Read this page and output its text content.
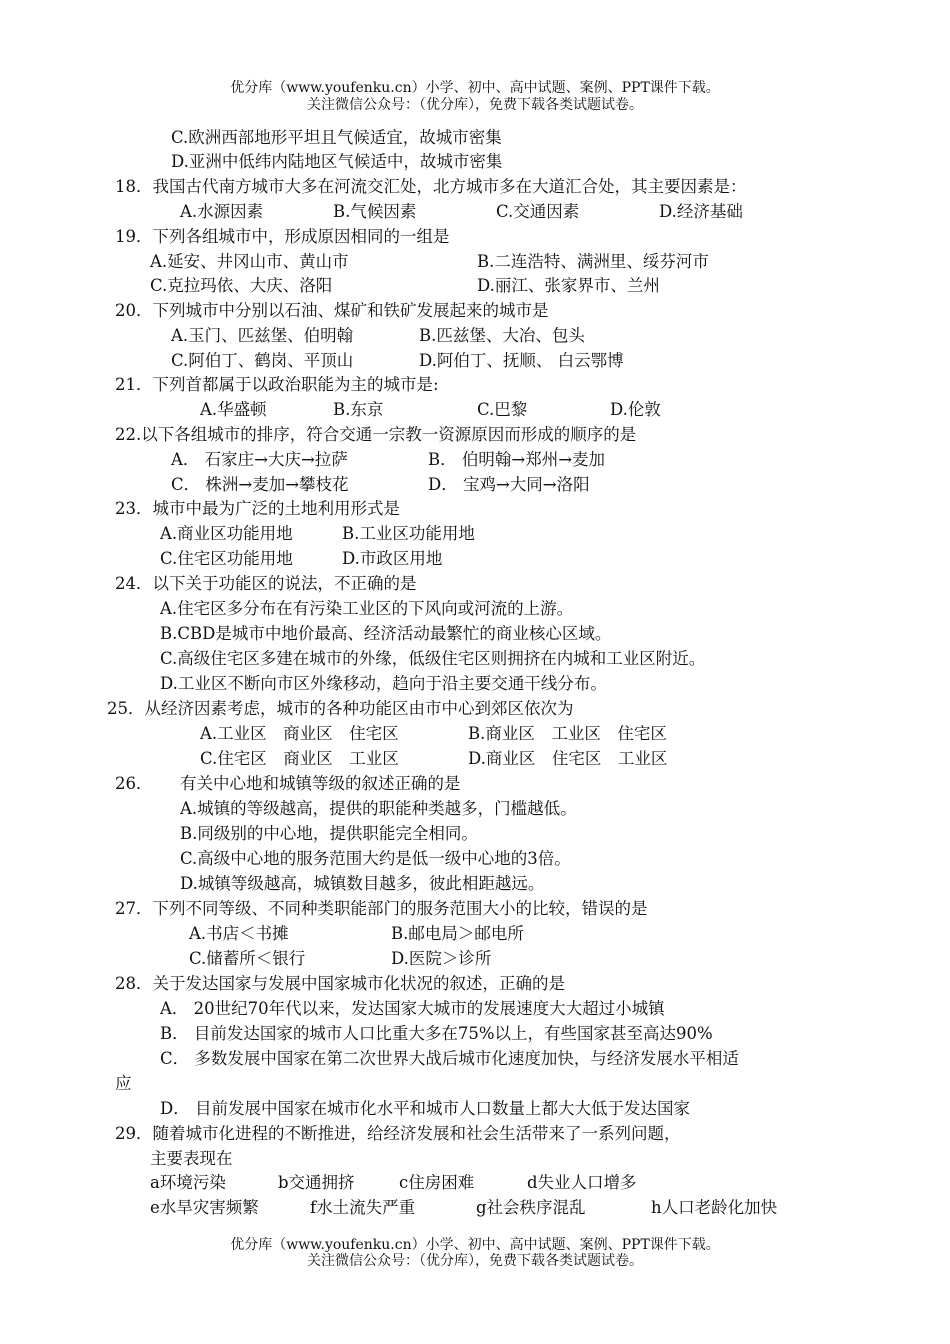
优分库（www.youfenku.cn）小学、初中、高中试题、案例、PPT课件下载。
关注微信公众号：（优分库），免费下载各类试题试卷。
C.欧洲西部地形平坦且气候适宜，故城市密集
D.亚洲中低纬内陆地区气候适中，故城市密集
18．我国古代南方城市大多在河流交汇处，北方城市多在大道汇合处，其主要因素是：
A.水源因素	B.气候因素	C.交通因素	D.经济基础
19．下列各组城市中，形成原因相同的一组是
A.延安、井冈山市、黄山市	B.二连浩特、满洲里、绥芬河市
C.克拉玛依、大庆、洛阳	D.丽江、张家界市、兰州
20．下列城市中分别以石油、煤矿和铁矿发展起来的城市是
A.玉门、匹兹堡、伯明翰	B.匹兹堡、大冶、包头
C.阿伯丁、鹤岗、平顶山	D.阿伯丁、抚顺、 白云鄂博
21．下列首都属于以政治职能为主的城市是:
A.华盛顿	B.东京	C.巴黎	D.伦敦
22.以下各组城市的排序，符合交通一宗教一资源原因而形成的顺序的是
A． 石家庄→大庆→拉萨	B． 伯明翰→郑州→麦加
C． 株洲→麦加→攀枝花	D． 宝鸡→大同→洛阳
23．城市中最为广泛的土地利用形式是
A.商业区功能用地	B.工业区功能用地
C.住宅区功能用地	D.市政区用地
24．以下关于功能区的说法，不正确的是
A.住宅区多分布在有污染工业区的下风向或河流的上游。
B.CBD是城市中地价最高、经济活动最繁忙的商业核心区域。
C.高级住宅区多建在城市的外缘，低级住宅区则拥挤在内城和工业区附近。
D.工业区不断向市区外缘移动，趋向于沿主要交通干线分布。
25．从经济因素考虑，城市的各种功能区由市中心到郊区依次为
A.工业区　商业区　住宅区	B.商业区　工业区　住宅区
C.住宅区　商业区　工业区	D.商业区　住宅区　工业区
26． 有关中心地和城镇等级的叙述正确的是
A.城镇的等级越高，提供的职能种类越多，门槛越低。
B.同级别的中心地，提供职能完全相同。
C.高级中心地的服务范围大约是低一级中心地的3倍。
D.城镇等级越高，城镇数目越多，彼此相距越远。
27．下列不同等级、不同种类职能部门的服务范围大小的比较，错误的是
A.书店＜书摊	B.邮电局＞邮电所
C.储蓄所＜银行	D.医院＞诊所
28．关于发达国家与发展中国家城市化状况的叙述，正确的是
A． 20世纪70年代以来，发达国家大城市的发展速度大大超过小城镇
B． 目前发达国家的城市人口比重大多在75%以上，有些国家甚至高达90%
C． 多数发展中国家在第二次世界大战后城市化速度加快，与经济发展水平相适
应
D． 目前发展中国家在城市化水平和城市人口数量上都大大低于发达国家
29．随着城市化进程的不断推进，给经济发展和社会生活带来了一系列问题，
主要表现在
a环境污染	b交通拥挤	c住房困难	d失业人口增多
e水旱灾害频繁	f水土流失严重	g社会秩序混乱	h人口老龄化加快
优分库（www.youfenku.cn）小学、初中、高中试题、案例、PPT课件下载。
关注微信公众号：（优分库），免费下载各类试题试卷。
